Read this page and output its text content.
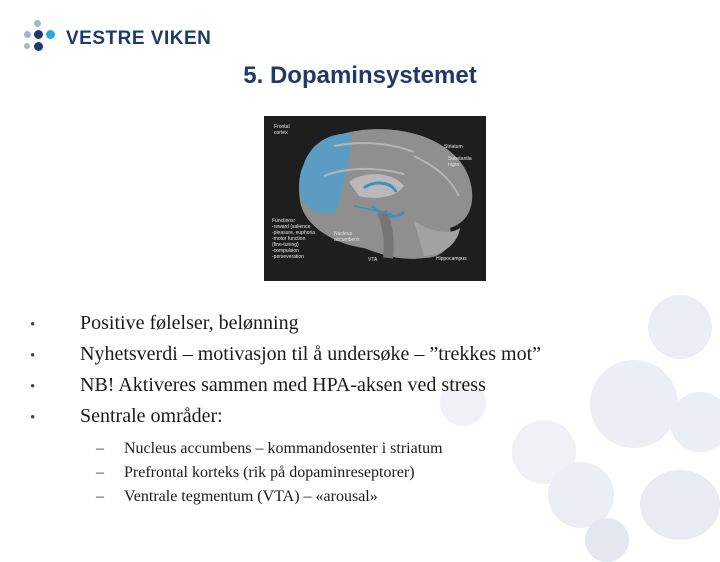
VESTRE VIKEN
5. Dopaminsystemet
Frontal
cortex
Striatum
Substantia
nigra
Functions:
-reward (salience
-pleasure, euphoria
-motor function
(fine-tuning)
-compulsion
-perseveration
Nucleus
accumbens
VTA	Hippocampus
•	Positive følelser, belønning
•	Nyhetsverdi – motivasjon til å undersøke – ”trekkes mot”
•	NB! Aktiveres sammen med HPA-aksen ved stress
•	Sentrale områder:
–	Nucleus accumbens – kommandosenter i striatum
–	Prefrontal korteks (rik på dopaminreseptorer)
–	Ventrale tegmentum (VTA) – «arousal»
